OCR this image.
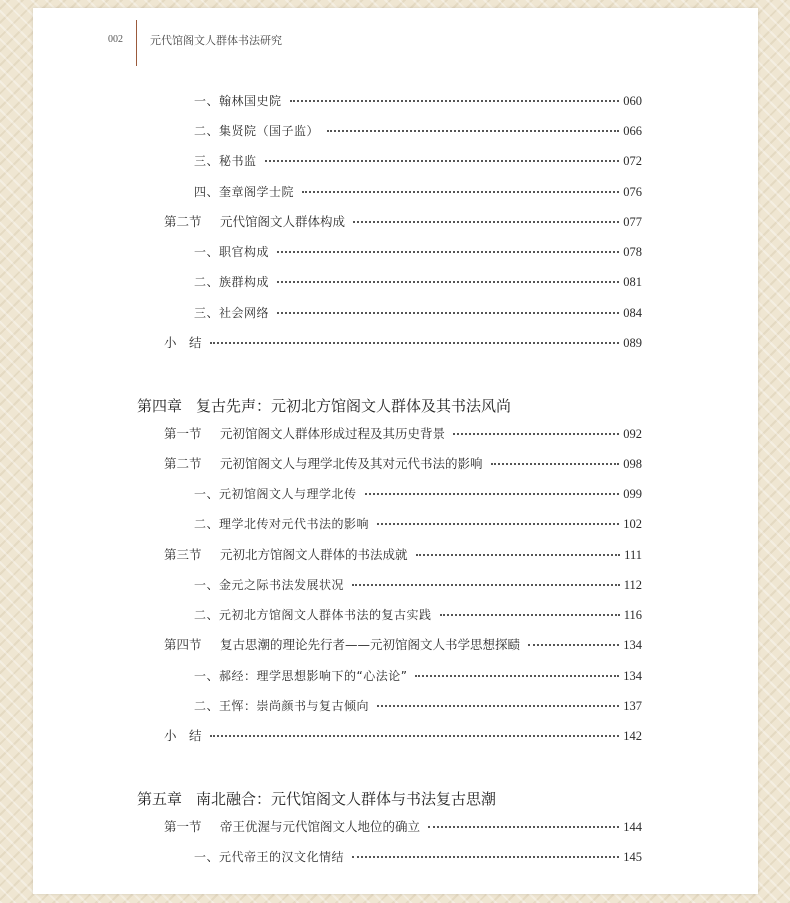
002 元代馆阁文人群体书法研究
一、翰林国史院	060
二、集贤院（国子监）	066
三、秘书监	072
四、奎章阁学士院	076
第二节 元代馆阁文人群体构成	077
一、职官构成	078
二、族群构成	081
三、社会网络	084
小　结	089
第四章 复古先声：元初北方馆阁文人群体及其书法风尚
第一节 元初馆阁文人群体形成过程及其历史背景	092
第二节 元初馆阁文人与理学北传及其对元代书法的影响	098
一、元初馆阁文人与理学北传	099
二、理学北传对元代书法的影响	102
第三节 元初北方馆阁文人群体的书法成就	111
一、金元之际书法发展状况	112
二、元初北方馆阁文人群体书法的复古实践	116
第四节 复古思潮的理论先行者——元初馆阁文人书学思想探赜	134
一、郝经：理学思想影响下的“心法论”	134
二、王恽：崇尚颜书与复古倾向	137
小　结	142
第五章 南北融合：元代馆阁文人群体与书法复古思潮
第一节 帝王优渥与元代馆阁文人地位的确立	144
一、元代帝王的汉文化情结	145
